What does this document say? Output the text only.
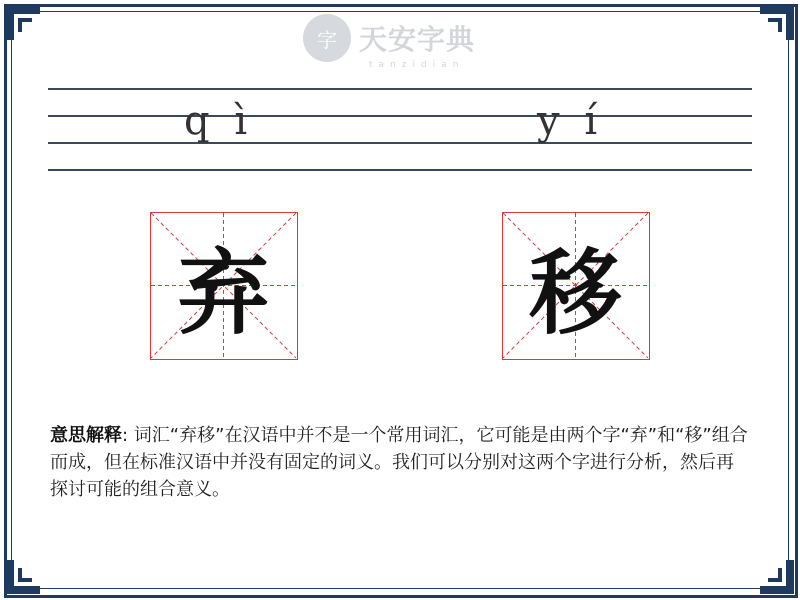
字 天安字典
tanzidian
q ì	y í
弃	移
意思解释: 词汇“弃移”在汉语中并不是一个常用词汇，它可能是由两个字“弃”和“移”组合而成，但在标准汉语中并没有固定的词义。我们可以分别对这两个字进行分析，然后再探讨可能的组合意义。
